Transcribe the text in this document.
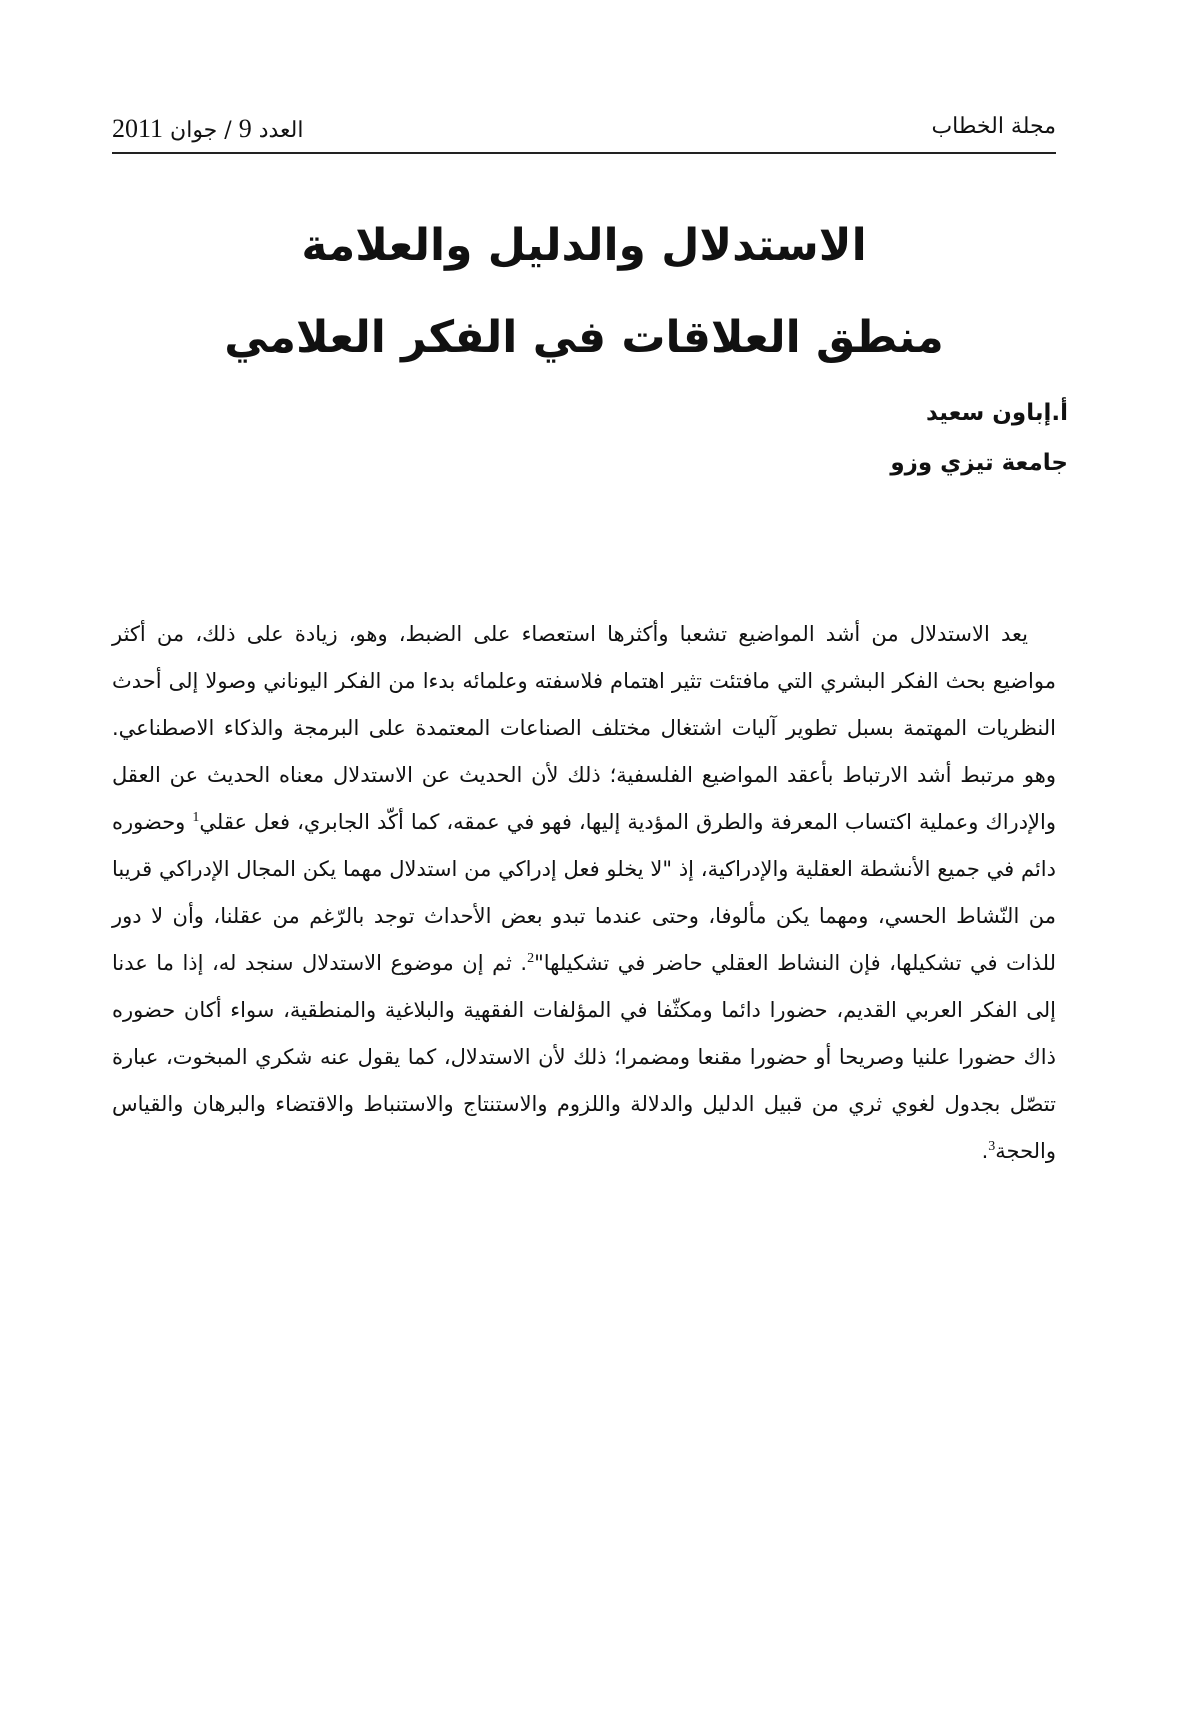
مجلة الخطاب
العدد 9 / جوان 2011
الاستدلال والدليل والعلامة
منطق العلاقات في الفكر العلامي
أ.إباون سعيد
جامعة تيزي وزو
يعد الاستدلال من أشد المواضيع تشعبا وأكثرها استعصاء على الضبط، وهو، زيادة على ذلك، من أكثر مواضيع بحث الفكر البشري التي مافتئت تثير اهتمام فلاسفته وعلمائه بدءا من الفكر اليوناني وصولا إلى أحدث النظريات المهتمة بسبل تطوير آليات اشتغال مختلف الصناعات المعتمدة على البرمجة والذكاء الاصطناعي. وهو مرتبط أشد الارتباط بأعقد المواضيع الفلسفية؛ ذلك لأن الحديث عن الاستدلال معناه الحديث عن العقل والإدراك وعملية اكتساب المعرفة والطرق المؤدية إليها، فهو في عمقه، كما أكّد الجابري، فعل عقلي$^1$ وحضوره دائم في جميع الأنشطة العقلية والإدراكية، إذ "لا يخلو فعل إدراكي من استدلال مهما يكن المجال الإدراكي قريبا من النّشاط الحسي، ومهما يكن مألوفا، وحتى عندما تبدو بعض الأحداث توجد بالرّغم من عقلنا، وأن لا دور للذات في تشكيلها، فإن النشاط العقلي حاضر في تشكيلها"$^2$. ثم إن موضوع الاستدلال سنجد له، إذا ما عدنا إلى الفكر العربي القديم، حضورا دائما ومكثّفا في المؤلفات الفقهية والبلاغية والمنطقية، سواء أكان حضوره ذاك حضورا علنيا وصريحا أو حضورا مقنعا ومضمرا؛ ذلك لأن الاستدلال، كما يقول عنه شكري المبخوت، عبارة تتصّل بجدول لغوي ثري من قبيل الدليل والدلالة واللزوم والاستنتاج والاستنباط والاقتضاء والبرهان والقياس والحجة$^3$.
